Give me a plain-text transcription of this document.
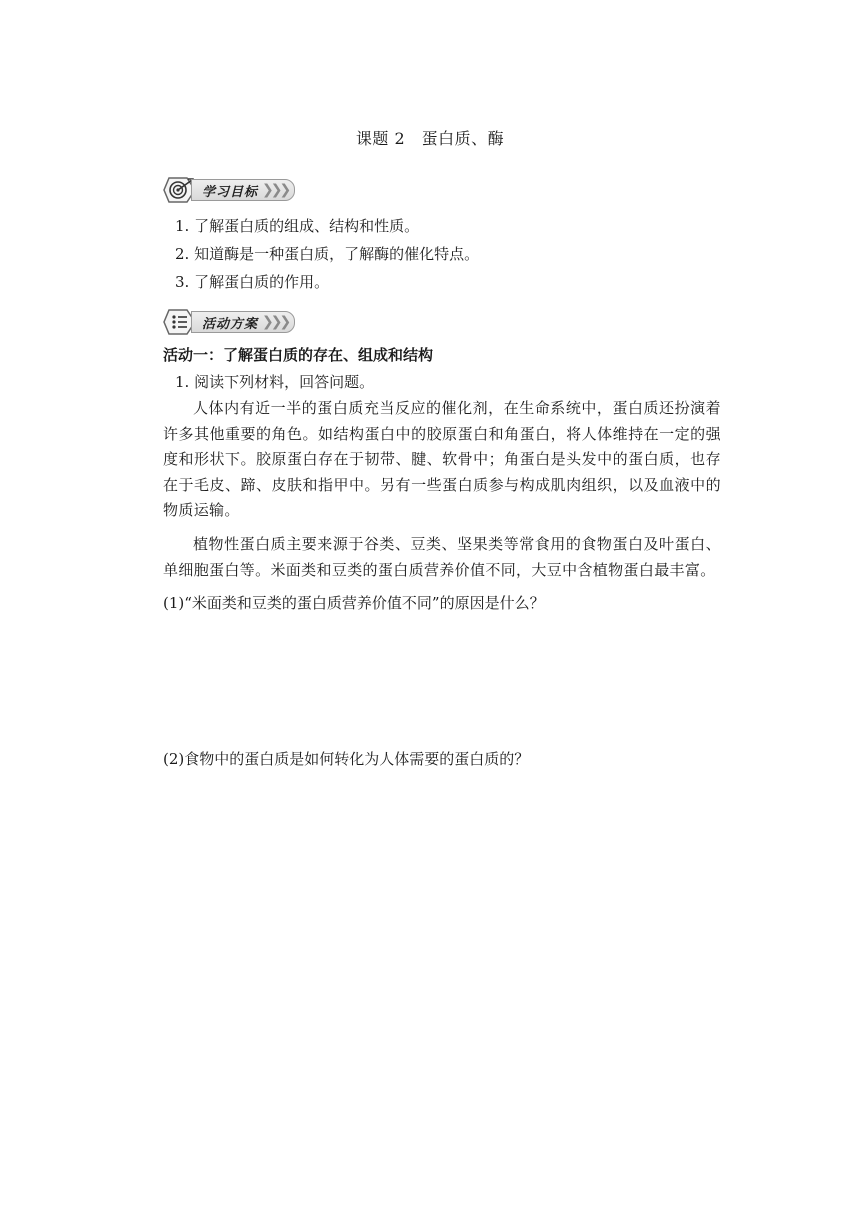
课题 2　蛋白质、酶
学习目标 ❯❯❯
1. 了解蛋白质的组成、结构和性质。
2. 知道酶是一种蛋白质，了解酶的催化特点。
3. 了解蛋白质的作用。
活动方案 ❯❯❯
活动一：了解蛋白质的存在、组成和结构
1. 阅读下列材料，回答问题。
人体内有近一半的蛋白质充当反应的催化剂，在生命系统中，蛋白质还扮演着许多其他重要的角色。如结构蛋白中的胶原蛋白和角蛋白，将人体维持在一定的强度和形状下。胶原蛋白存在于韧带、腱、软骨中；角蛋白是头发中的蛋白质，也存在于毛皮、蹄、皮肤和指甲中。另有一些蛋白质参与构成肌肉组织，以及血液中的物质运输。
植物性蛋白质主要来源于谷类、豆类、坚果类等常食用的食物蛋白及叶蛋白、单细胞蛋白等。米面类和豆类的蛋白质营养价值不同，大豆中含植物蛋白最丰富。
(1)“米面类和豆类的蛋白质营养价值不同”的原因是什么？
(2)食物中的蛋白质是如何转化为人体需要的蛋白质的？
